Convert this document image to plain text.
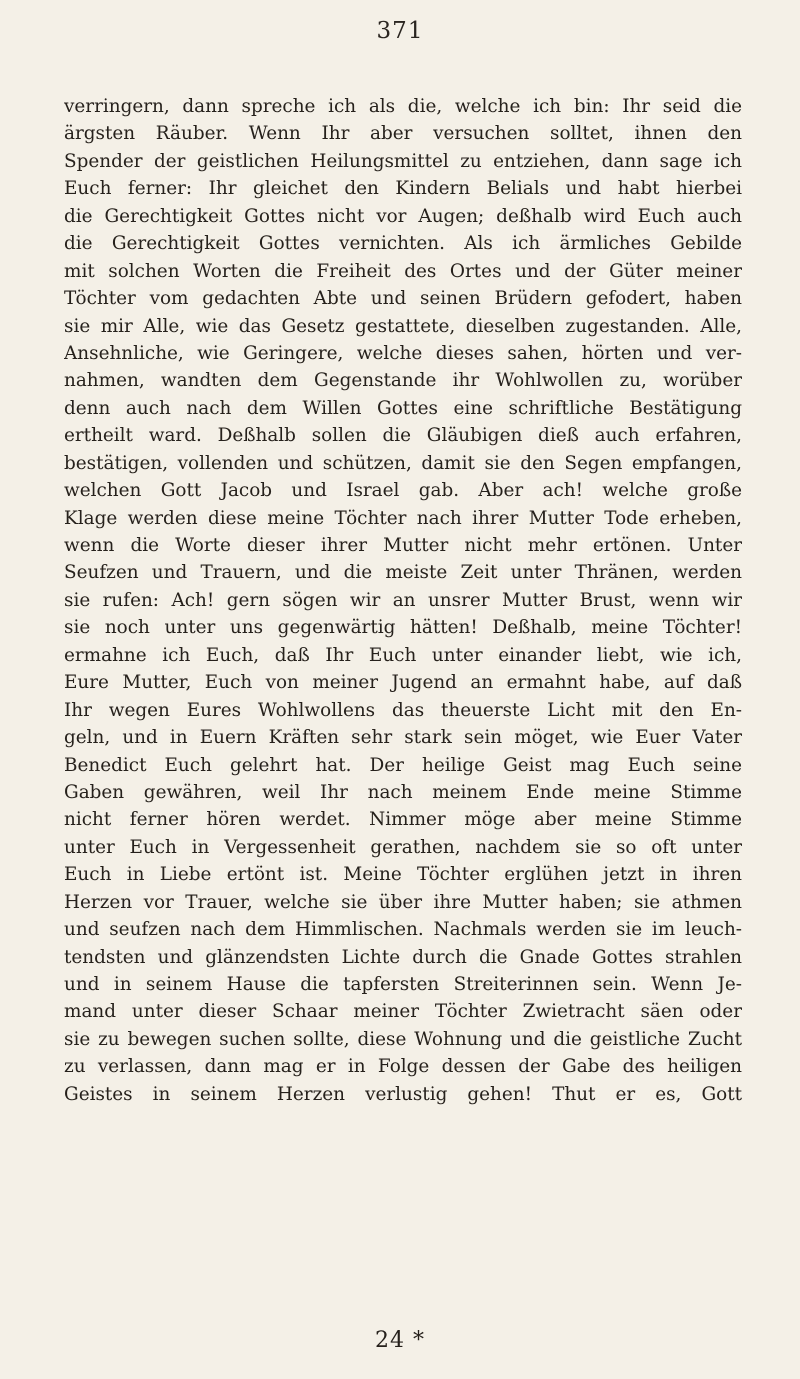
371
verringern, dann spreche ich als die, welche ich bin: Ihr seid die
ärgsten Räuber. Wenn Ihr aber versuchen solltet, ihnen den
Spender der geistlichen Heilungsmittel zu entziehen, dann sage ich
Euch ferner: Ihr gleichet den Kindern Belials und habt hierbei
die Gerechtigkeit Gottes nicht vor Augen; deßhalb wird Euch auch
die Gerechtigkeit Gottes vernichten. Als ich ärmliches Gebilde
mit solchen Worten die Freiheit des Ortes und der Güter meiner
Töchter vom gedachten Abte und seinen Brüdern gefodert, haben
sie mir Alle, wie das Gesetz gestattete, dieselben zugestanden. Alle,
Ansehnliche, wie Geringere, welche dieses sahen, hörten und ver-
nahmen, wandten dem Gegenstande ihr Wohlwollen zu, worüber
denn auch nach dem Willen Gottes eine schriftliche Bestätigung
ertheilt ward. Deßhalb sollen die Gläubigen dieß auch erfahren,
bestätigen, vollenden und schützen, damit sie den Segen empfangen,
welchen Gott Jacob und Israel gab. Aber ach! welche große
Klage werden diese meine Töchter nach ihrer Mutter Tode erheben,
wenn die Worte dieser ihrer Mutter nicht mehr ertönen. Unter
Seufzen und Trauern, und die meiste Zeit unter Thränen, werden
sie rufen: Ach! gern sögen wir an unsrer Mutter Brust, wenn wir
sie noch unter uns gegenwärtig hätten! Deßhalb, meine Töchter!
ermahne ich Euch, daß Ihr Euch unter einander liebt, wie ich,
Eure Mutter, Euch von meiner Jugend an ermahnt habe, auf daß
Ihr wegen Eures Wohlwollens das theuerste Licht mit den En-
geln, und in Euern Kräften sehr stark sein möget, wie Euer Vater
Benedict Euch gelehrt hat. Der heilige Geist mag Euch seine
Gaben gewähren, weil Ihr nach meinem Ende meine Stimme
nicht ferner hören werdet. Nimmer möge aber meine Stimme
unter Euch in Vergessenheit gerathen, nachdem sie so oft unter
Euch in Liebe ertönt ist. Meine Töchter erglühen jetzt in ihren
Herzen vor Trauer, welche sie über ihre Mutter haben; sie athmen
und seufzen nach dem Himmlischen. Nachmals werden sie im leuch-
tendsten und glänzendsten Lichte durch die Gnade Gottes strahlen
und in seinem Hause die tapfersten Streiterinnen sein. Wenn Je-
mand unter dieser Schaar meiner Töchter Zwietracht säen oder
sie zu bewegen suchen sollte, diese Wohnung und die geistliche Zucht
zu verlassen, dann mag er in Folge dessen der Gabe des heiligen
Geistes in seinem Herzen verlustig gehen! Thut er es, Gott
24 *
